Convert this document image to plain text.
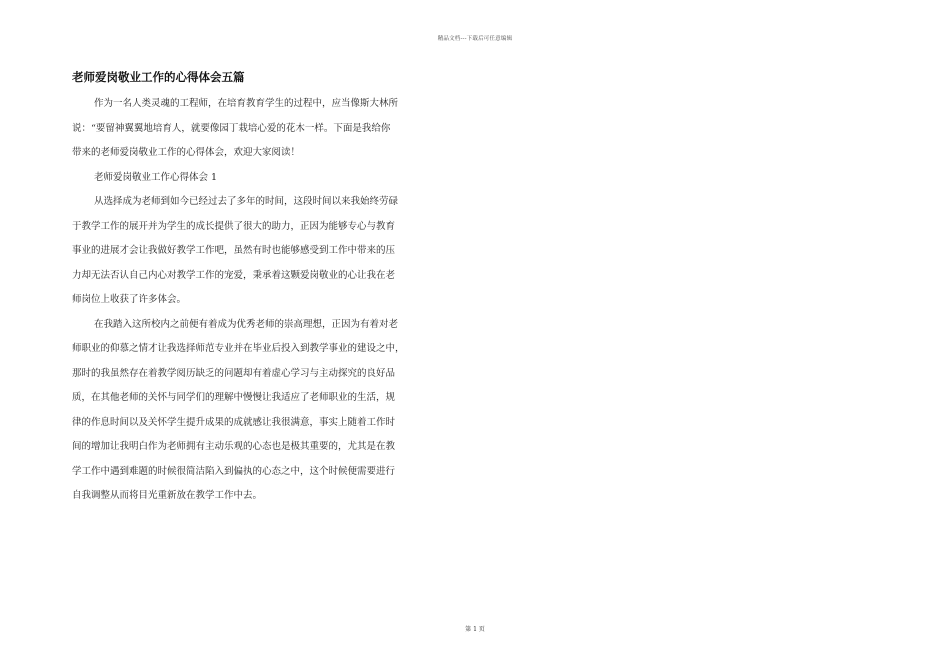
精品文档---下载后可任意编辑
老师爱岗敬业工作的心得体会五篇
作为一名人类灵魂的工程师，在培育教育学生的过程中，应当像斯大林所
说：“要留神翼翼地培育人，就要像园丁栽培心爱的花木一样。下面是我给你
带来的老师爱岗敬业工作的心得体会，欢迎大家阅读！
老师爱岗敬业工作心得体会 1
从选择成为老师到如今已经过去了多年的时间，这段时间以来我始终劳碌
于教学工作的展开并为学生的成长提供了很大的助力，正因为能够专心与教育
事业的进展才会让我做好教学工作吧，虽然有时也能够感受到工作中带来的压
力却无法否认自己内心对教学工作的宠爱，秉承着这颗爱岗敬业的心让我在老
师岗位上收获了许多体会。
在我踏入这所校内之前便有着成为优秀老师的崇高理想，正因为有着对老
师职业的仰慕之情才让我选择师范专业并在毕业后投入到教学事业的建设之中，
那时的我虽然存在着教学阅历缺乏的问题却有着虚心学习与主动探究的良好品
质，在其他老师的关怀与同学们的理解中慢慢让我适应了老师职业的生活，规
律的作息时间以及关怀学生提升成果的成就感让我很满意，事实上随着工作时
间的增加让我明白作为老师拥有主动乐观的心态也是极其重要的，尤其是在教
学工作中遇到难题的时候很简洁陷入到偏执的心态之中，这个时候便需要进行
自我调整从而将目光重新放在教学工作中去。
第 1 页
